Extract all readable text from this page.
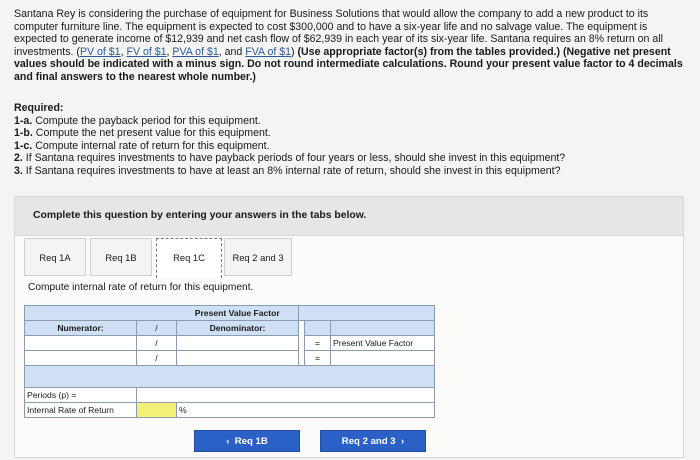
Santana Rey is considering the purchase of equipment for Business Solutions that would allow the company to add a new product to its computer furniture line. The equipment is expected to cost $300,000 and to have a six-year life and no salvage value. The equipment is expected to generate income of $12,939 and net cash flow of $62,939 in each year of its six-year life. Santana requires an 8% return on all investments. (PV of $1, FV of $1, PVA of $1, and FVA of $1) (Use appropriate factor(s) from the tables provided.) (Negative net present values should be indicated with a minus sign. Do not round intermediate calculations. Round your present value factor to 4 decimals and final answers to the nearest whole number.)
Required:
1-a. Compute the payback period for this equipment.
1-b. Compute the net present value for this equipment.
1-c. Compute internal rate of return for this equipment.
2. If Santana requires investments to have payback periods of four years or less, should she invest in this equipment?
3. If Santana requires investments to have at least an 8% internal rate of return, should she invest in this equipment?
Complete this question by entering your answers in the tabs below.
Req 1A	Req 1B	Req 1C	Req 2 and 3
Compute internal rate of return for this equipment.
		Present Value Factor			
Numerator:	/	Denominator:			
	/			=	Present Value Factor
	/			=	

Periods (p) =					
Internal Rate of Return		%			
‹ Req 1B	Req 2 and 3 ›
